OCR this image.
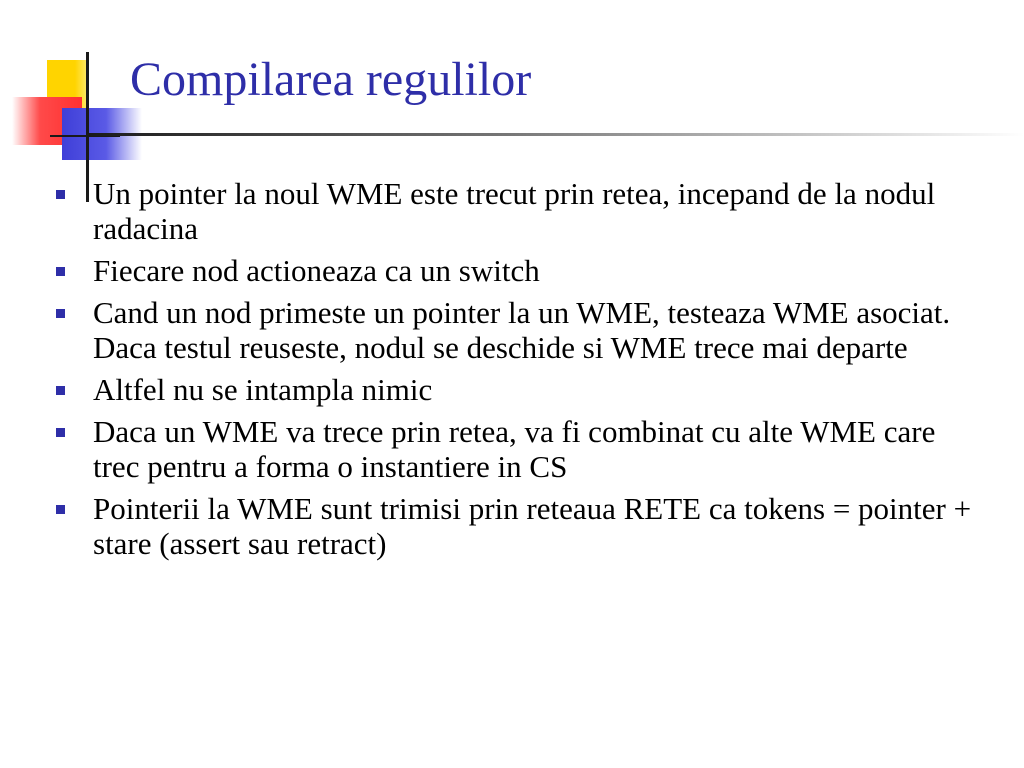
Compilarea regulilor
Un pointer la noul WME este trecut prin retea, incepand de la nodul radacina
Fiecare nod actioneaza ca un switch
Cand un nod primeste un pointer la un WME, testeaza WME asociat. Daca testul reuseste, nodul se deschide si WME trece mai departe
Altfel nu se intampla nimic
Daca un WME va trece prin retea, va fi combinat cu alte WME care trec pentru a forma o instantiere in CS
Pointerii la WME sunt trimisi prin reteaua RETE ca tokens = pointer + stare (assert sau retract)
